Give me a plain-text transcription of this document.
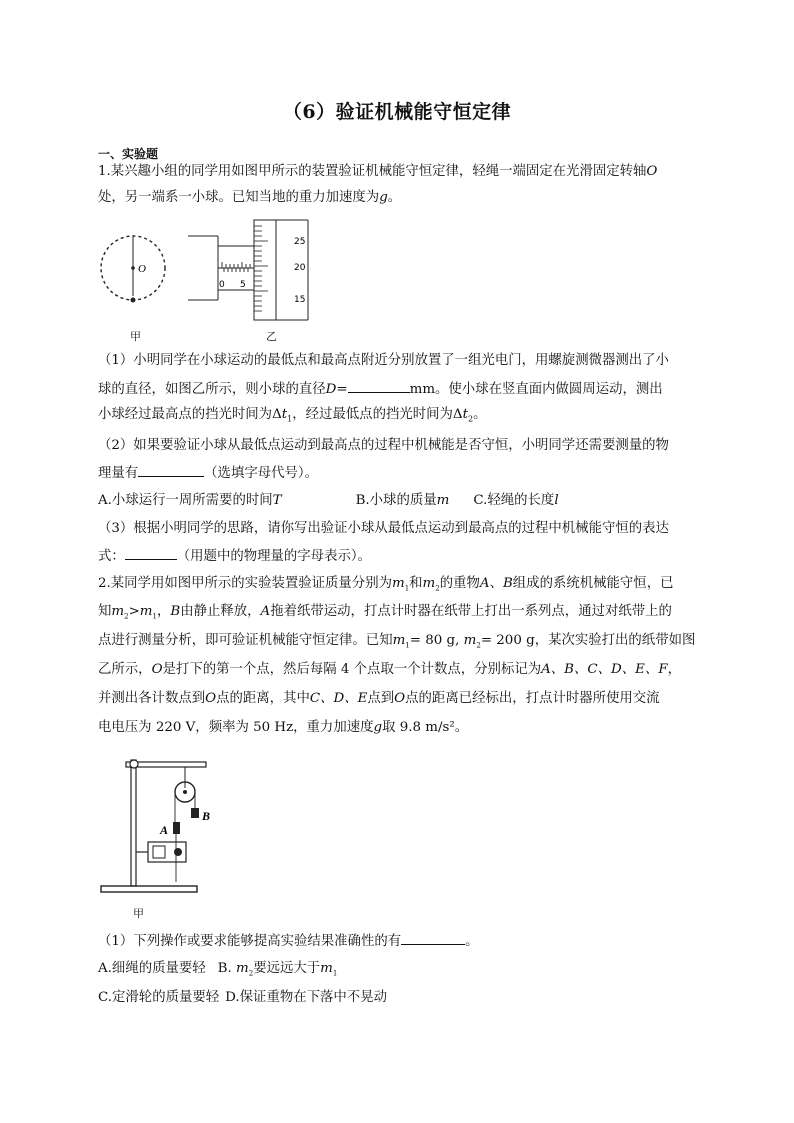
（6）验证机械能守恒定律
一、实验题
1.某兴趣小组的同学用如图甲所示的装置验证机械能守恒定律，轻绳一端固定在光滑固定转轴O
处，另一端系一小球。已知当地的重力加速度为g。
O
甲
0 5
25
20
15
乙
（1）小明同学在小球运动的最低点和最高点附近分别放置了一组光电门，用螺旋测微器测出了小
球的直径，如图乙所示，则小球的直径D=	mm。使小球在竖直面内做圆周运动，测出
小球经过最高点的挡光时间为$\Delta t_1$，经过最低点的挡光时间为$\Delta t_2$。
（2）如果要验证小球从最低点运动到最高点的过程中机械能是否守恒，小明同学还需要测量的物
理量有	（选填字母代号）。
A.小球运行一周所需要的时间T	B.小球的质量m C.轻绳的长度l
（3）根据小明同学的思路，请你写出验证小球从最低点运动到最高点的过程中机械能守恒的表达
式：	（用题中的物理量的字母表示）。
2.某同学用如图甲所示的实验装置验证质量分别为$m_1$和$m_2$的重物A、B组成的系统机械能守恒，已
知$m_2>m_1$，B由静止释放，A拖着纸带运动，打点计时器在纸带上打出一系列点，通过对纸带上的
点进行测量分析，即可验证机械能守恒定律。已知$m_1= 80$ g, $m_2= 200$ g，某次实验打出的纸带如图
乙所示，O是打下的第一个点，然后每隔 4 个点取一个计数点，分别标记为A、B、C、D、E、F，
并测出各计数点到O点的距离，其中C、D、E点到O点的距离已经标出，打点计时器所使用交流
电电压为 220 V，频率为 50 Hz，重力加速度g取 9.8 m/s²。
B
A
甲
（1）下列操作或要求能够提高实验结果准确性的有	。
A.细绳的质量要轻 B. $m_2$要远远大于$m_1$
C.定滑轮的质量要轻 D.保证重物在下落中不晃动
